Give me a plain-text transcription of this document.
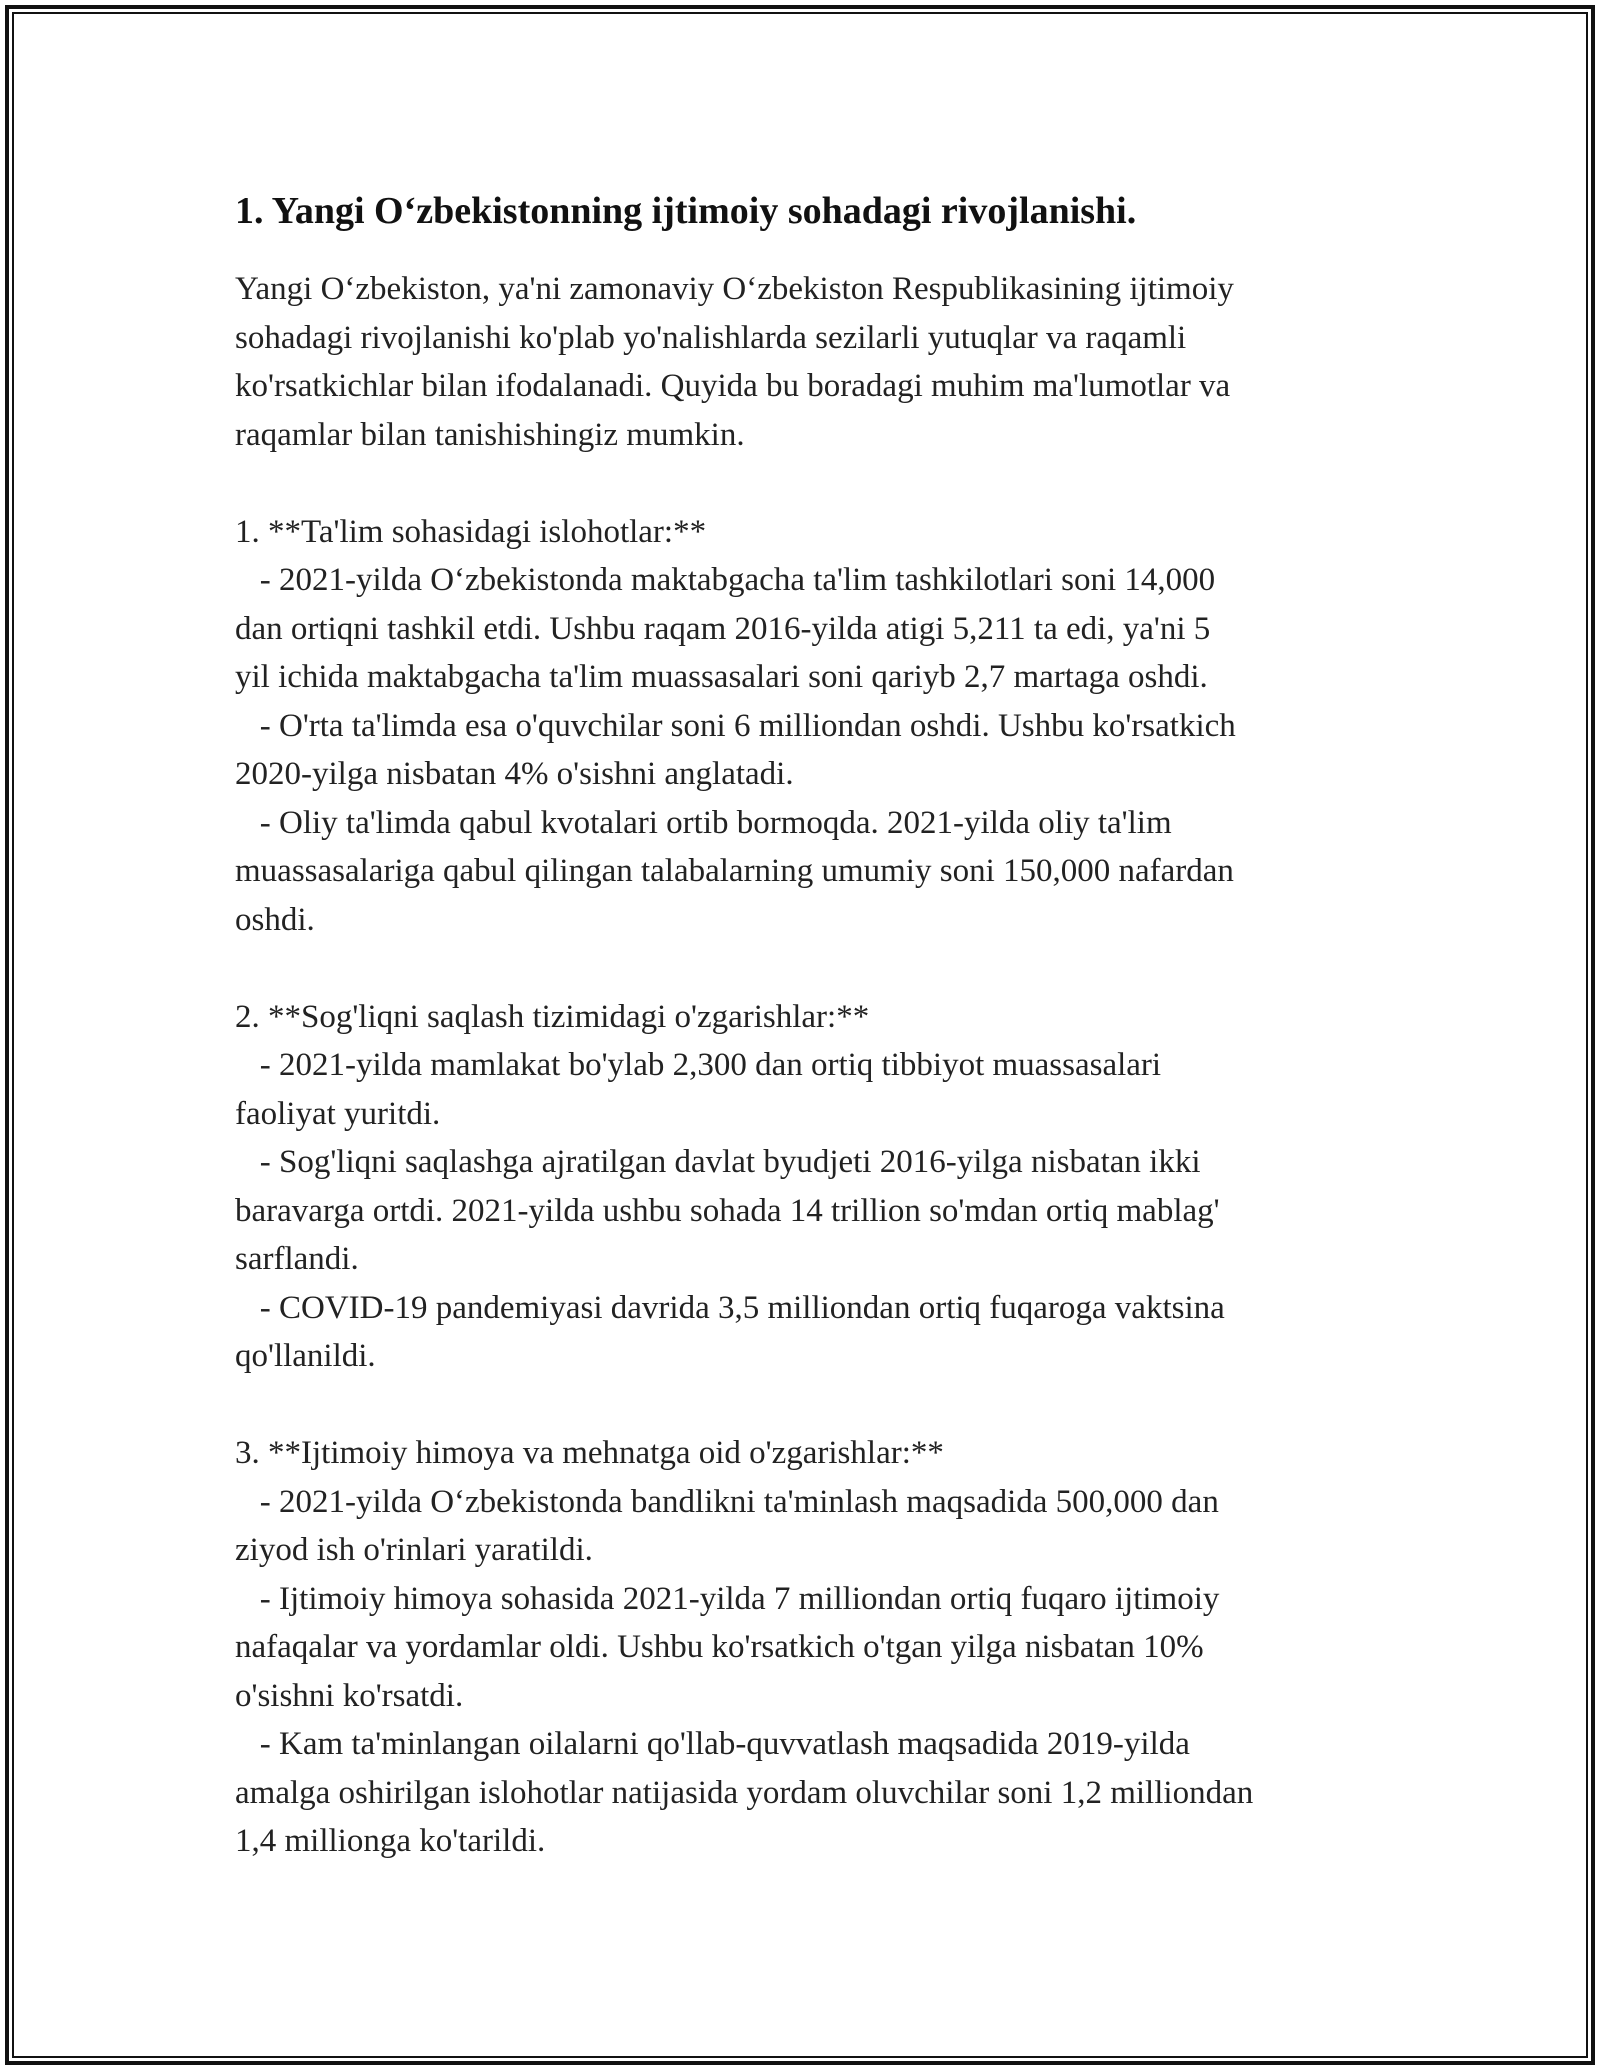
1. Yangi O‘zbekistonning ijtimoiy sohadagi rivojlanishi.
Yangi O‘zbekiston, ya'ni zamonaviy O‘zbekiston Respublikasining ijtimoiy
sohadagi rivojlanishi ko'plab yo'nalishlarda sezilarli yutuqlar va raqamli
ko'rsatkichlar bilan ifodalanadi. Quyida bu boradagi muhim ma'lumotlar va
raqamlar bilan tanishishingiz mumkin.
1. **Ta'lim sohasidagi islohotlar:**
- 2021-yilda O‘zbekistonda maktabgacha ta'lim tashkilotlari soni 14,000
dan ortiqni tashkil etdi. Ushbu raqam 2016-yilda atigi 5,211 ta edi, ya'ni 5
yil ichida maktabgacha ta'lim muassasalari soni qariyb 2,7 martaga oshdi.
- O'rta ta'limda esa o'quvchilar soni 6 milliondan oshdi. Ushbu ko'rsatkich
2020-yilga nisbatan 4% o'sishni anglatadi.
- Oliy ta'limda qabul kvotalari ortib bormoqda. 2021-yilda oliy ta'lim
muassasalariga qabul qilingan talabalarning umumiy soni 150,000 nafardan
oshdi.
2. **Sog'liqni saqlash tizimidagi o'zgarishlar:**
- 2021-yilda mamlakat bo'ylab 2,300 dan ortiq tibbiyot muassasalari
faoliyat yuritdi.
- Sog'liqni saqlashga ajratilgan davlat byudjeti 2016-yilga nisbatan ikki
baravarga ortdi. 2021-yilda ushbu sohada 14 trillion so'mdan ortiq mablag'
sarflandi.
- COVID-19 pandemiyasi davrida 3,5 milliondan ortiq fuqaroga vaktsina
qo'llanildi.
3. **Ijtimoiy himoya va mehnatga oid o'zgarishlar:**
- 2021-yilda O‘zbekistonda bandlikni ta'minlash maqsadida 500,000 dan
ziyod ish o'rinlari yaratildi.
- Ijtimoiy himoya sohasida 2021-yilda 7 milliondan ortiq fuqaro ijtimoiy
nafaqalar va yordamlar oldi. Ushbu ko'rsatkich o'tgan yilga nisbatan 10%
o'sishni ko'rsatdi.
- Kam ta'minlangan oilalarni qo'llab-quvvatlash maqsadida 2019-yilda
amalga oshirilgan islohotlar natijasida yordam oluvchilar soni 1,2 milliondan
1,4 millionga ko'tarildi.
